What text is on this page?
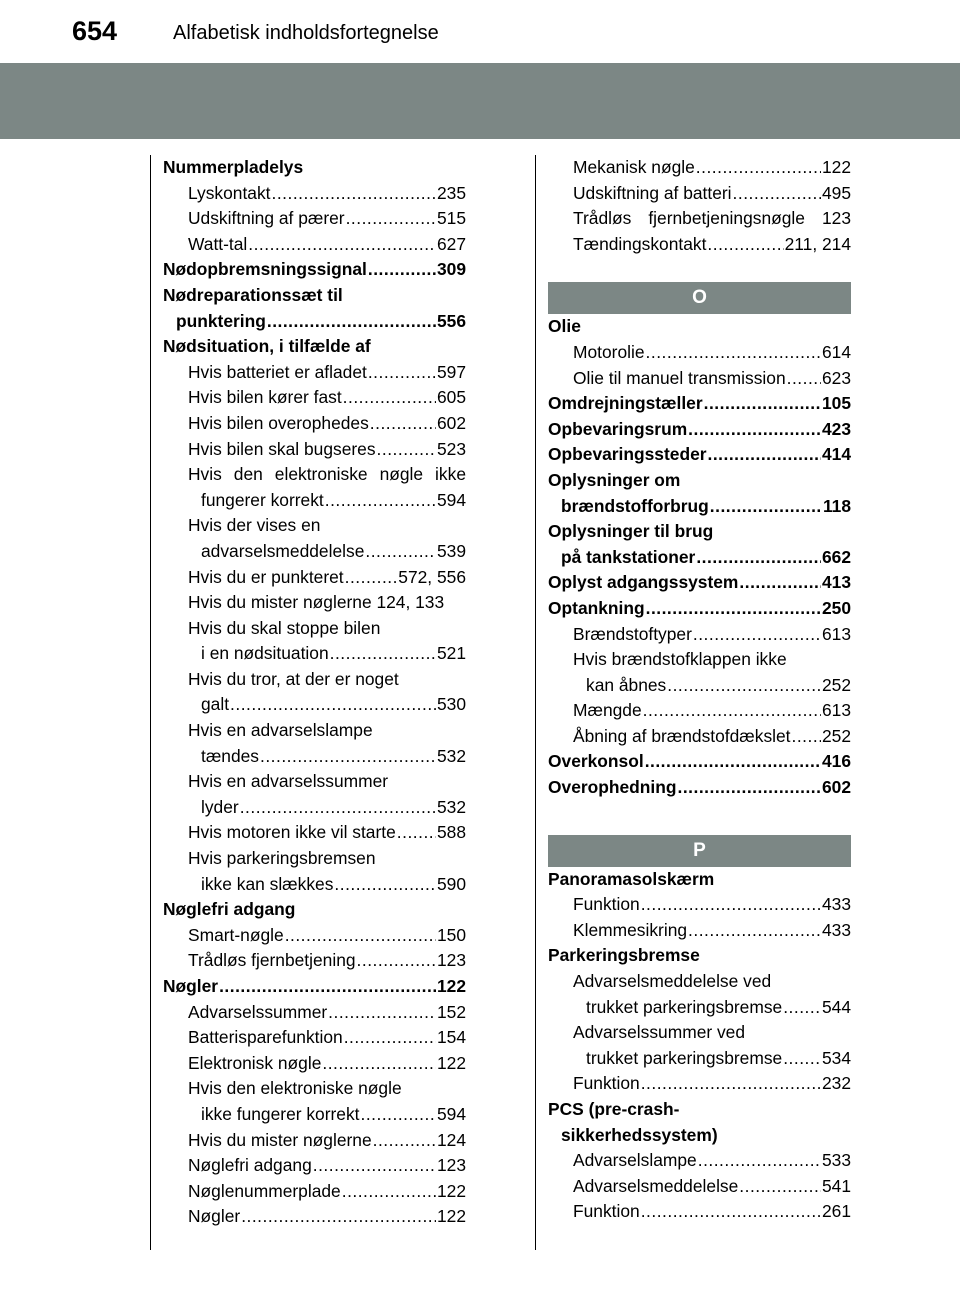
654	Alfabetisk indholdsfortegnelse
Nummerpladelys
Lyskontakt .....	235
Udskiftning af pærer .....	515
Watt-tal .....	627
Nødopbremsningssignal .....	309
Nødreparationssæt til
punktering .....	556
Nødsituation, i tilfælde af
Hvis batteriet er afladet .....	597
Hvis bilen kører fast .....	605
Hvis bilen overophedes .....	602
Hvis bilen skal bugseres .....	523
Hvis den elektroniske nøgle ikke
fungerer korrekt .....	594
Hvis der vises en
advarselsmeddelelse .....	539
Hvis du er punkteret .....	572, 556
Hvis du mister nøglerne 124, 133
Hvis du skal stoppe bilen
i en nødsituation .....	521
Hvis du tror, at der er noget
galt .....	530
Hvis en advarselslampe
tændes .....	532
Hvis en advarselssummer
lyder .....	532
Hvis motoren ikke vil starte ..... 588
Hvis parkeringsbremsen
ikke kan slækkes .....	590
Nøglefri adgang
Smart-nøgle .....	150
Trådløs fjernbetjening .....	123
Nøgler .....	122
Advarselssummer .....	152
Batterisparefunktion .....	154
Elektronisk nøgle .....	122
Hvis den elektroniske nøgle
ikke fungerer korrekt .....	594
Hvis du mister nøglerne .....	124
Nøglefri adgang .....	123
Nøglenummerplade .....	122
Nøgler .....	122
Mekanisk nøgle .....	122
Udskiftning af batteri .....	495
Trådløs fjernbetjeningsnøgle 123
Tændingskontakt .....	211, 214
O
Olie
Motorolie .....	614
Olie til manuel transmission ..... 623
Omdrejningstæller .....	105
Opbevaringsrum .....	423
Opbevaringssteder .....	414
Oplysninger om
brændstofforbrug .....	118
Oplysninger til brug
på tankstationer .....	662
Oplyst adgangssystem .....	413
Optankning .....	250
Brændstoftyper .....	613
Hvis brændstofklappen ikke
kan åbnes .....	252
Mængde .....	613
Åbning af brændstofdækslet ..... 252
Overkonsol .....	416
Overophedning .....	602
P
Panoramasolskærm
Funktion .....	433
Klemmesikring .....	433
Parkeringsbremse
Advarselsmeddelelse ved
trukket parkeringsbremse ..... 544
Advarselssummer ved
trukket parkeringsbremse ..... 534
Funktion .....	232
PCS (pre-crash-
sikkerhedssystem)
Advarselslampe .....	533
Advarselsmeddelelse .....	541
Funktion .....	261
